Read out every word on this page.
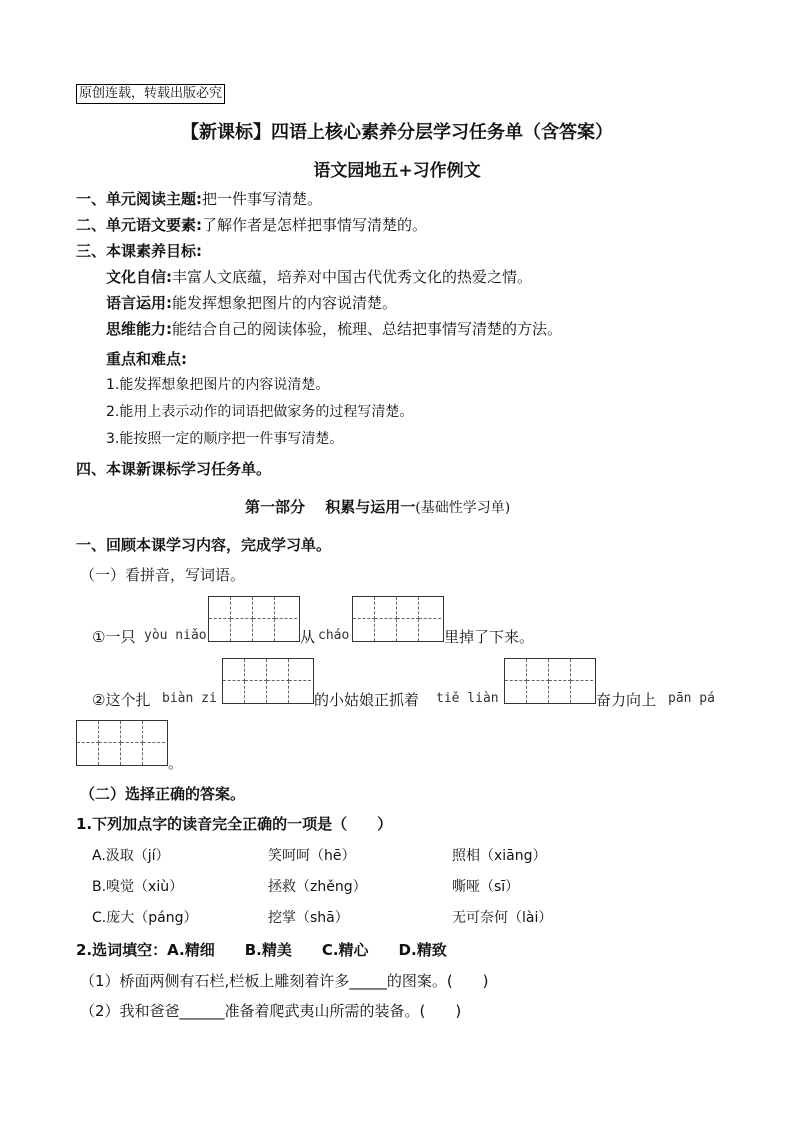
原创连载，转载出版必究
【新课标】四语上核心素养分层学习任务单（含答案）
语文园地五+习作例文
一、单元阅读主题:把一件事写清楚。
二、单元语文要素:了解作者是怎样把事情写清楚的。
三、本课素养目标:
文化自信:丰富人文底蕴，培养对中国古代优秀文化的热爱之情。
语言运用:能发挥想象把图片的内容说清楚。
思维能力:能结合自己的阅读体验，梳理、总结把事情写清楚的方法。
重点和难点:
1.能发挥想象把图片的内容说清楚。
2.能用上表示动作的词语把做家务的过程写清楚。
3.能按照一定的顺序把一件事写清楚。
四、本课新课标学习任务单。
第一部分　 积累与运用一(基础性学习单)
一、回顾本课学习内容，完成学习单。
（一）看拼音，写词语。
①一只 yòu niǎo	从 cháo	里掉了下来。
②这个扎 biàn zi	的小姑娘正抓着 tiě liàn	奋力向上 pān pá
。
（二）选择正确的答案。
1.下列加点字的读音完全正确的一项是（　　）
A.汲取（jí）	笑呵呵（hē）	照相（xiāng）
B.嗅觉（xiù）	拯救（zhěng）	嘶哑（sī）
C.庞大（páng）	挖掌（shā）	无可奈何（lài）
2.选词填空：A.精细　　B.精美　　C.精心　　D.精致
（1）桥面两侧有石栏,栏板上雕刻着许多_____的图案。(　　)
（2）我和爸爸______准备着爬武夷山所需的装备。(　　)
